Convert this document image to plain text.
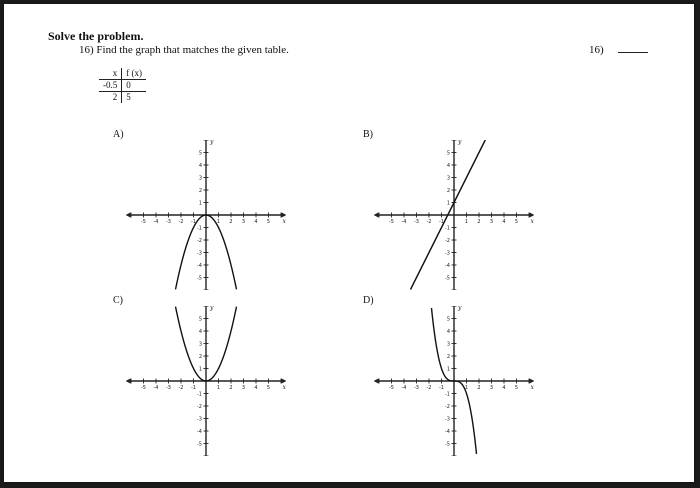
Solve the problem.
16) Find the graph that matches the given table.	16)
x	f (x)
-0.5	0
2	5
A)	B)
C)	D)
-5 -4 -3 -2 -1	1 2 3 4 5
5
4
3
2
1
-1
-2
-3
-4
-5
x
y
-5 -4 -3 -2 -1	1 2 3 4 5
5
4
3
2
1
-1
-2
-3
-4
-5
x
y
-5 -4 -3 -2 -1	1 2 3 4 5
5
4
3
2
1
-1
-2
-3
-4
-5
x
y
-5 -4 -3 -2 -1	1 2 3 4 5
5
4
3
2
1
-1
-2
-3
-4
-5
x
y
